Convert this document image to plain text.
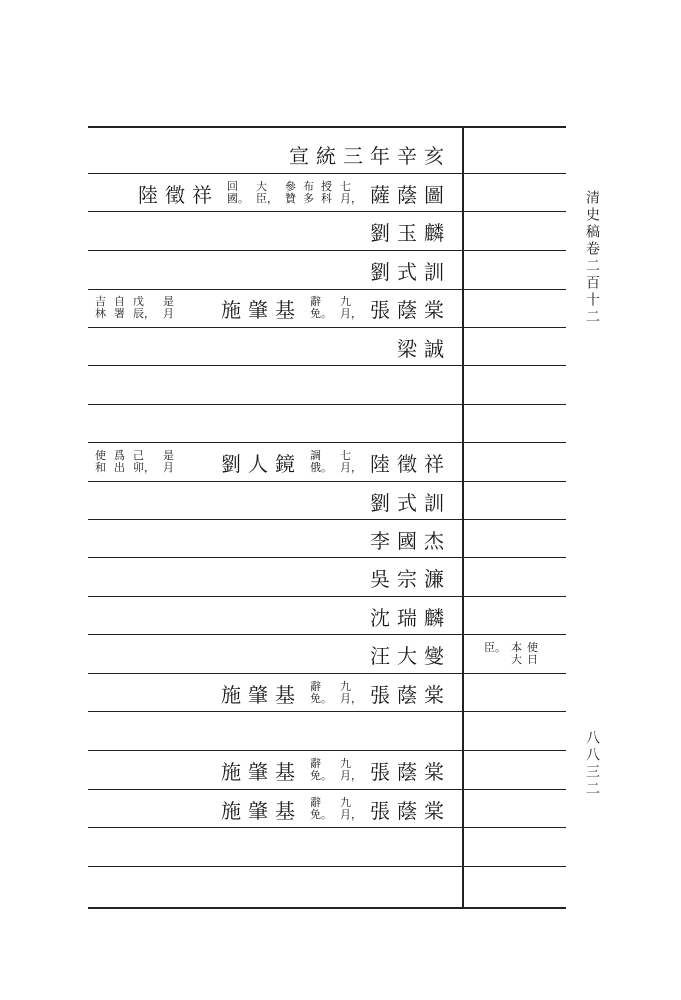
清史稿卷二百十二
八八三二
宣統三年辛亥
陸徵祥 回
國。
大
臣，
參
贊
布
多
授
科
七
月， 薩蔭圖
劉玉麟
劉式訓
吉
林
自
署
戊
辰，
是
月 施肇基 辭
免。
九
月， 張蔭棠
梁誠
使
和
爲
出
己
卯，
是
月 劉人鏡 調
俄。
七
月， 陸徵祥
劉式訓
李國杰
吳宗濂
沈瑞麟
汪大燮	臣。 本
大
使
日
施肇基 辭
免。
九
月， 張蔭棠
施肇基 辭
免。
九
月， 張蔭棠
施肇基 辭
免。
九
月， 張蔭棠
